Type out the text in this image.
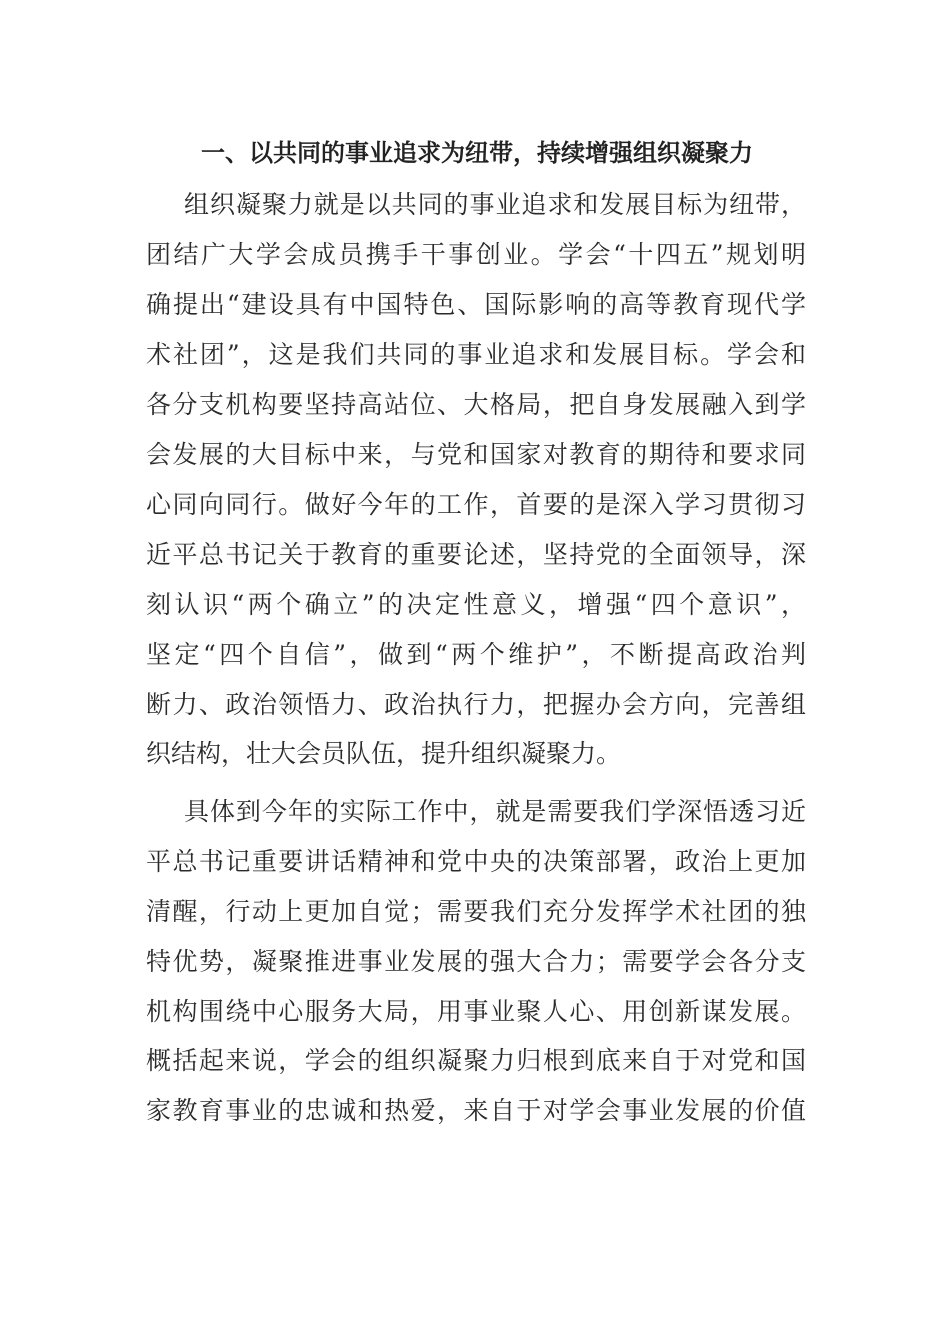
一、以共同的事业追求为纽带，持续增强组织凝聚力
组织凝聚力就是以共同的事业追求和发展目标为纽带，
团结广大学会成员携手干事创业。学会“十四五”规划明
确提出“建设具有中国特色、国际影响的高等教育现代学
术社团”，这是我们共同的事业追求和发展目标。学会和
各分支机构要坚持高站位、大格局，把自身发展融入到学
会发展的大目标中来，与党和国家对教育的期待和要求同
心同向同行。做好今年的工作，首要的是深入学习贯彻习
近平总书记关于教育的重要论述，坚持党的全面领导，深
刻认识“两个确立”的决定性意义，增强“四个意识”，
坚定“四个自信”，做到“两个维护”，不断提高政治判
断力、政治领悟力、政治执行力，把握办会方向，完善组
织结构，壮大会员队伍，提升组织凝聚力。
具体到今年的实际工作中，就是需要我们学深悟透习近
平总书记重要讲话精神和党中央的决策部署，政治上更加
清醒，行动上更加自觉；需要我们充分发挥学术社团的独
特优势，凝聚推进事业发展的强大合力；需要学会各分支
机构围绕中心服务大局，用事业聚人心、用创新谋发展。
概括起来说，学会的组织凝聚力归根到底来自于对党和国
家教育事业的忠诚和热爱，来自于对学会事业发展的价值
